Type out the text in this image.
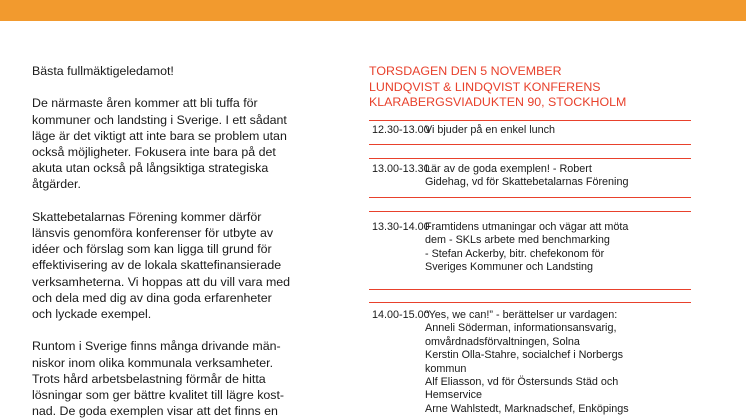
Bästa fullmäktigeledamot!

De närmaste åren kommer att bli tuffa för
kommuner och landsting i Sverige. I ett sådant
läge är det viktigt att inte bara se problem utan
också möjligheter. Fokusera inte bara på det
akuta utan också på långsiktiga strategiska
åtgärder.

Skattebetalarnas Förening kommer därför
länsvis genomföra konferenser för utbyte av
idéer och förslag som kan ligga till grund för
effektivisering av de lokala skattefinansierade
verksamheterna. Vi hoppas att du vill vara med
och dela med dig av dina goda erfarenheter
och lyckade exempel.

Runtom i Sverige finns många drivande män-
niskor inom olika kommunala verksamheter.
Trots hård arbetsbelastning förmår de hitta
lösningar som ger bättre kvalitet till lägre kost-
nad. De goda exemplen visar att det finns en

TORSDAGEN DEN 5 NOVEMBER
LUNDQVIST & LINDQVIST KONFERENS
KLARABERGSVIADUKTEN 90, STOCKHOLM
12.30-13.00
Vi bjuder på en enkel lunch
13.00-13.30
Lär av de goda exemplen! - Robert
Gidehag, vd för Skattebetalarnas Förening
13.30-14.00
Framtidens utmaningar och vägar att möta
dem - SKLs arbete med benchmarking
- Stefan Ackerby, bitr. chefekonom för
Sveriges Kommuner och Landsting
14.00-15.00
“Yes, we can!” - berättelser ur vardagen:
Anneli Söderman, informationsansvarig,
omvårdnadsförvaltningen, Solna
Kerstin Olla-Stahre, socialchef i Norbergs
kommun
Alf Eliasson, vd för Östersunds Städ och
Hemservice
Arne Wahlstedt, Marknadschef, Enköpings
